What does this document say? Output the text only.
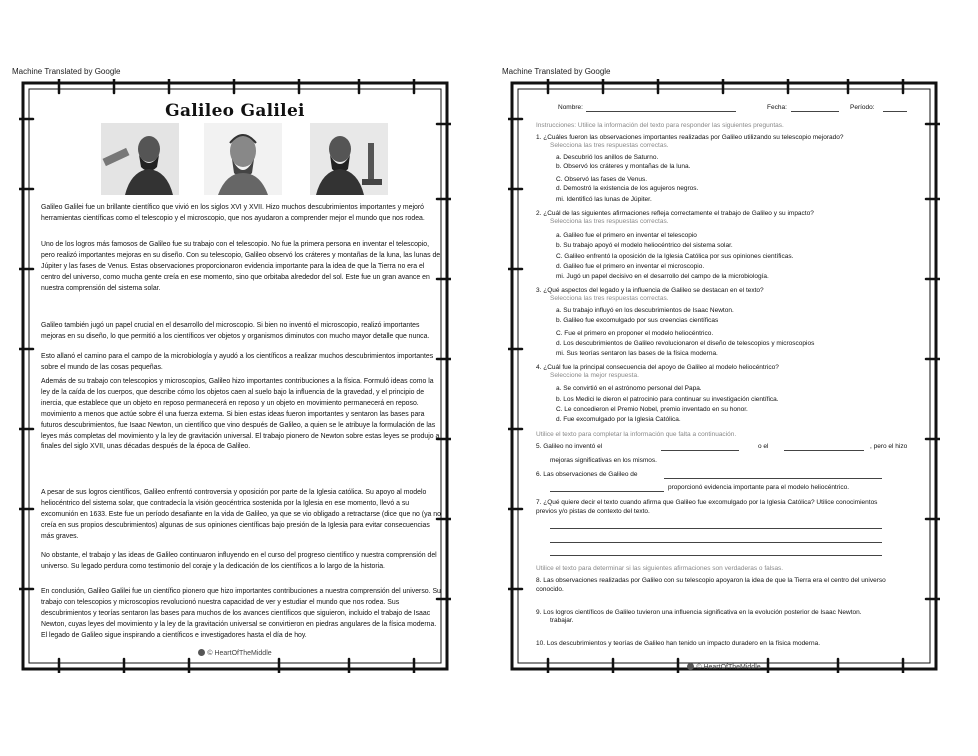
Machine Translated by Google	Machine Translated by Google
Galileo Galilei
Galileo Galilei fue un brillante científico que vivió en los siglos XVI y XVII. Hizo muchos descubrimientos importantes y mejoró herramientas científicas como el telescopio y el microscopio, que nos ayudaron a comprender mejor el mundo que nos rodea.
Uno de los logros más famosos de Galileo fue su trabajo con el telescopio. No fue la primera persona en inventar el telescopio, pero realizó importantes mejoras en su diseño. Con su telescopio, Galileo observó los cráteres y montañas de la luna, las lunas de Júpiter y las fases de Venus. Estas observaciones proporcionaron evidencia importante para la idea de que la Tierra no era el centro del universo, como mucha gente creía en ese momento, sino que orbitaba alrededor del sol. Este fue un gran avance en nuestra comprensión del sistema solar.
Galileo también jugó un papel crucial en el desarrollo del microscopio. Si bien no inventó el microscopio, realizó importantes mejoras en su diseño, lo que permitió a los científicos ver objetos y organismos diminutos con mucho mayor detalle que nunca.
Esto allanó el camino para el campo de la microbiología y ayudó a los científicos a realizar muchos descubrimientos importantes sobre el mundo de las cosas pequeñas.
Además de su trabajo con telescopios y microscopios, Galileo hizo importantes contribuciones a la física. Formuló ideas como la ley de la caída de los cuerpos, que describe cómo los objetos caen al suelo bajo la influencia de la gravedad, y el principio de inercia, que establece que un objeto en reposo permanecerá en reposo y un objeto en movimiento permanecerá en reposo. movimiento a menos que actúe sobre él una fuerza externa. Si bien estas ideas fueron importantes y sentaron las bases para futuros descubrimientos, fue Isaac Newton, un científico que vino después de Galileo, a quien se le atribuye la formulación de las leyes más completas del movimiento y la ley de gravitación universal. El trabajo pionero de Newton sobre estas leyes se produjo a finales del siglo XVII, unas décadas después de la época de Galileo.
A pesar de sus logros científicos, Galileo enfrentó controversia y oposición por parte de la Iglesia católica. Su apoyo al modelo heliocéntrico del sistema solar, que contradecía la visión geocéntrica sostenida por la Iglesia en ese momento, llevó a su excomunión en 1633. Este fue un período desafiante en la vida de Galileo, ya que se vio obligado a retractarse (dice que no (ya no creía en sus propios descubrimientos) algunas de sus opiniones científicas bajo presión de la Iglesia para evitar consecuencias más graves.
No obstante, el trabajo y las ideas de Galileo continuaron influyendo en el curso del progreso científico y nuestra comprensión del universo. Su legado perdura como testimonio del coraje y la dedicación de los científicos a lo largo de la historia.
En conclusión, Galileo Galilei fue un científico pionero que hizo importantes contribuciones a nuestra comprensión del universo. Su trabajo con telescopios y microscopios revolucionó nuestra capacidad de ver y estudiar el mundo que nos rodea. Sus descubrimientos y teorías sentaron las bases para muchos de los avances científicos que siguieron, incluido el trabajo de Isaac Newton, cuyas leyes del movimiento y la ley de la gravitación universal se convirtieron en piedras angulares de la física moderna. El legado de Galileo sigue inspirando a científicos e investigadores hasta el día de hoy.
© HeartOfTheMiddle
Nombre:	Fecha:	Período:
Instrucciones: Utilice la información del texto para responder las siguientes preguntas.
1. ¿Cuáles fueron las observaciones importantes realizadas por Galileo utilizando su telescopio mejorado?
Selecciona las tres respuestas correctas.
a. Descubrió los anillos de Saturno.
b. Observó los cráteres y montañas de la luna.
C. Observó las fases de Venus.
d. Demostró la existencia de los agujeros negros.
mi. Identificó las lunas de Júpiter.
2. ¿Cuál de las siguientes afirmaciones refleja correctamente el trabajo de Galileo y su impacto?
Selecciona las tres respuestas correctas.
a. Galileo fue el primero en inventar el telescopio
b. Su trabajo apoyó el modelo heliocéntrico del sistema solar.
C. Galileo enfrentó la oposición de la Iglesia Católica por sus opiniones científicas.
d. Galileo fue el primero en inventar el microscopio.
mi. Jugó un papel decisivo en el desarrollo del campo de la microbiología.
3. ¿Qué aspectos del legado y la influencia de Galileo se destacan en el texto?
Selecciona las tres respuestas correctas.
a. Su trabajo influyó en los descubrimientos de Isaac Newton.
b. Galileo fue excomulgado por sus creencias científicas
C. Fue el primero en proponer el modelo heliocéntrico.
d. Los descubrimientos de Galileo revolucionaron el diseño de telescopios y microscopios
mi. Sus teorías sentaron las bases de la física moderna.
4. ¿Cuál fue la principal consecuencia del apoyo de Galileo al modelo heliocéntrico?
Seleccione la mejor respuesta.
a. Se convirtió en el astrónomo personal del Papa.
b. Los Medici le dieron el patrocinio para continuar su investigación científica.
C. Le concedieron el Premio Nobel, premio inventado en su honor.
d. Fue excomulgado por la Iglesia Católica.
Utilice el texto para completar la información que falta a continuación.
5. Galileo no inventó el	o el	, pero el hizo
mejoras significativas en los mismos.
6. Las observaciones de Galileo de
proporcionó evidencia importante para el modelo heliocéntrico.
7. ¿Qué quiere decir el texto cuando afirma que Galileo fue excomulgado por la Iglesia Católica? Utilice conocimientos previos y/o pistas de contexto del texto.
Utilice el texto para determinar si las siguientes afirmaciones son verdaderas o falsas.
8. Las observaciones realizadas por Galileo con su telescopio apoyaron la idea de que la Tierra era el centro del universo conocido.
9. Los logros científicos de Galileo tuvieron una influencia significativa en la evolución posterior de Isaac Newton.
trabajar.
10. Los descubrimientos y teorías de Galileo han tenido un impacto duradero en la física moderna.
© HeartOfTheMiddle
